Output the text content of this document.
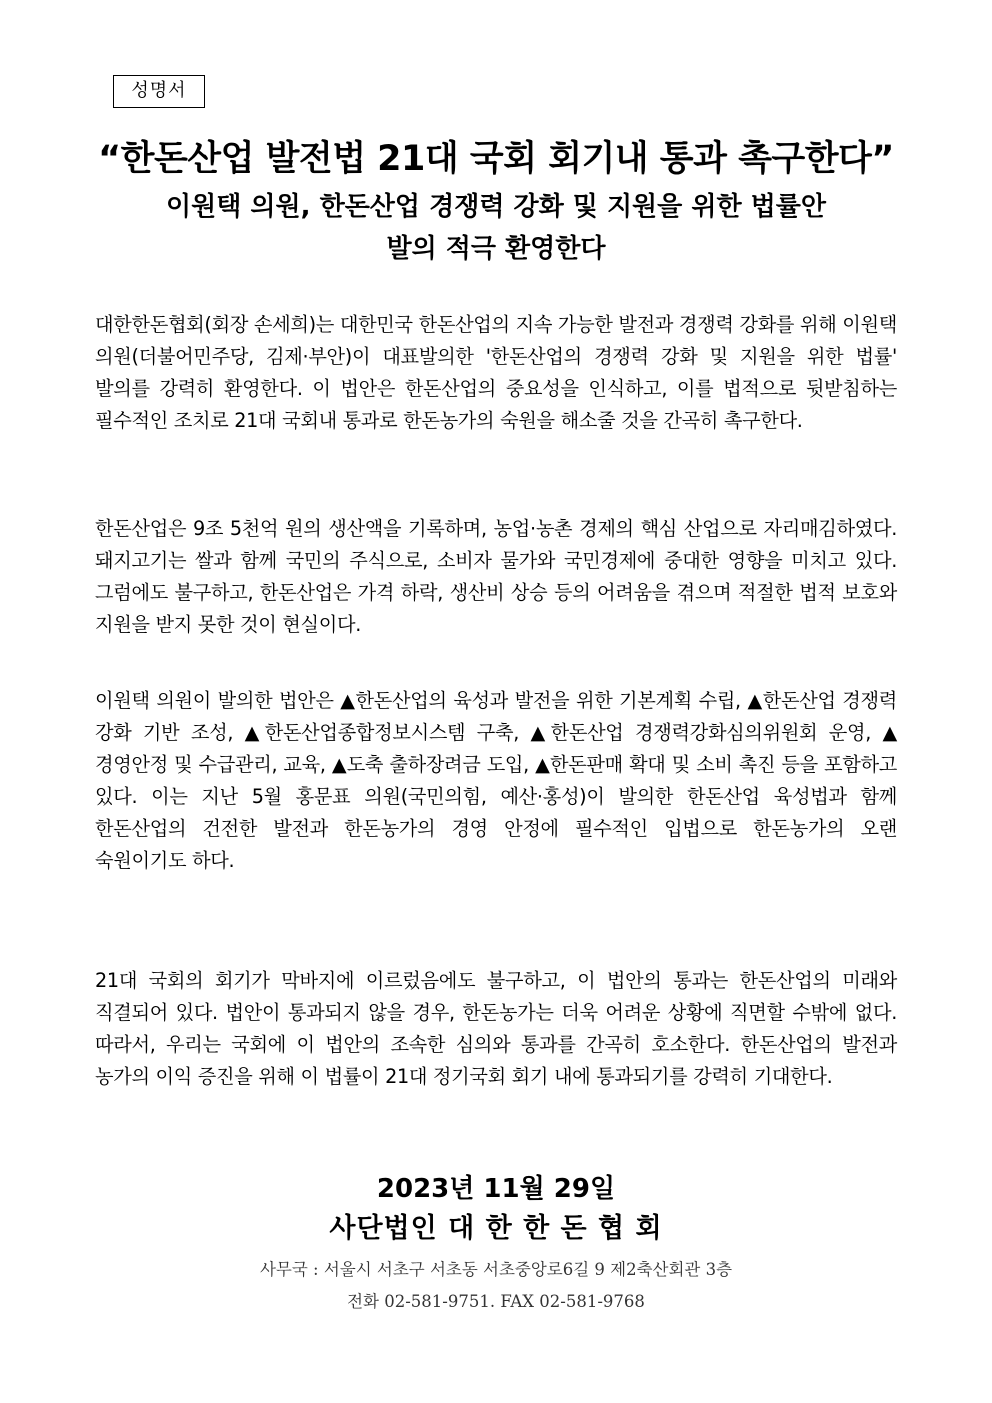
성명서
“한돈산업 발전법 21대 국회 회기내 통과 촉구한다”
이원택 의원, 한돈산업 경쟁력 강화 및 지원을 위한 법률안
발의 적극 환영한다

대한한돈협회(회장 손세희)는 대한민국 한돈산업의 지속 가능한 발전과 경쟁력 강화를 위해 이원택 의원(더불어민주당, 김제·부안)이 대표발의한 '한돈산업의 경쟁력 강화 및 지원을 위한 법률' 발의를 강력히 환영한다. 이 법안은 한돈산업의 중요성을 인식하고, 이를 법적으로 뒷받침하는 필수적인 조치로 21대 국회내 통과로 한돈농가의 숙원을 해소줄 것을 간곡히 촉구한다.

한돈산업은 9조 5천억 원의 생산액을 기록하며, 농업·농촌 경제의 핵심 산업으로 자리매김하였다. 돼지고기는 쌀과 함께 국민의 주식으로, 소비자 물가와 국민경제에 중대한 영향을 미치고 있다. 그럼에도 불구하고, 한돈산업은 가격 하락, 생산비 상승 등의 어려움을 겪으며 적절한 법적 보호와 지원을 받지 못한 것이 현실이다.

이원택 의원이 발의한 법안은 ▲한돈산업의 육성과 발전을 위한 기본계획 수립, ▲한돈산업 경쟁력 강화 기반 조성, ▲한돈산업종합정보시스템 구축, ▲한돈산업 경쟁력강화심의위원회 운영, ▲경영안정 및 수급관리, 교육, ▲도축 출하장려금 도입, ▲한돈판매 확대 및 소비 촉진 등을 포함하고 있다. 이는 지난 5월 홍문표 의원(국민의힘, 예산·홍성)이 발의한 한돈산업 육성법과 함께 한돈산업의 건전한 발전과 한돈농가의 경영 안정에 필수적인 입법으로 한돈농가의 오랜 숙원이기도 하다.

21대 국회의 회기가 막바지에 이르렀음에도 불구하고, 이 법안의 통과는 한돈산업의 미래와 직결되어 있다. 법안이 통과되지 않을 경우, 한돈농가는 더욱 어려운 상황에 직면할 수밖에 없다. 따라서, 우리는 국회에 이 법안의 조속한 심의와 통과를 간곡히 호소한다. 한돈산업의 발전과 농가의 이익 증진을 위해 이 법률이 21대 정기국회 회기 내에 통과되기를 강력히 기대한다.

2023년 11월 29일
사단법인 대 한 한 돈 협 회
사무국 : 서울시 서초구 서초동 서초중앙로6길 9 제2축산회관 3층
전화 02-581-9751. FAX 02-581-9768
